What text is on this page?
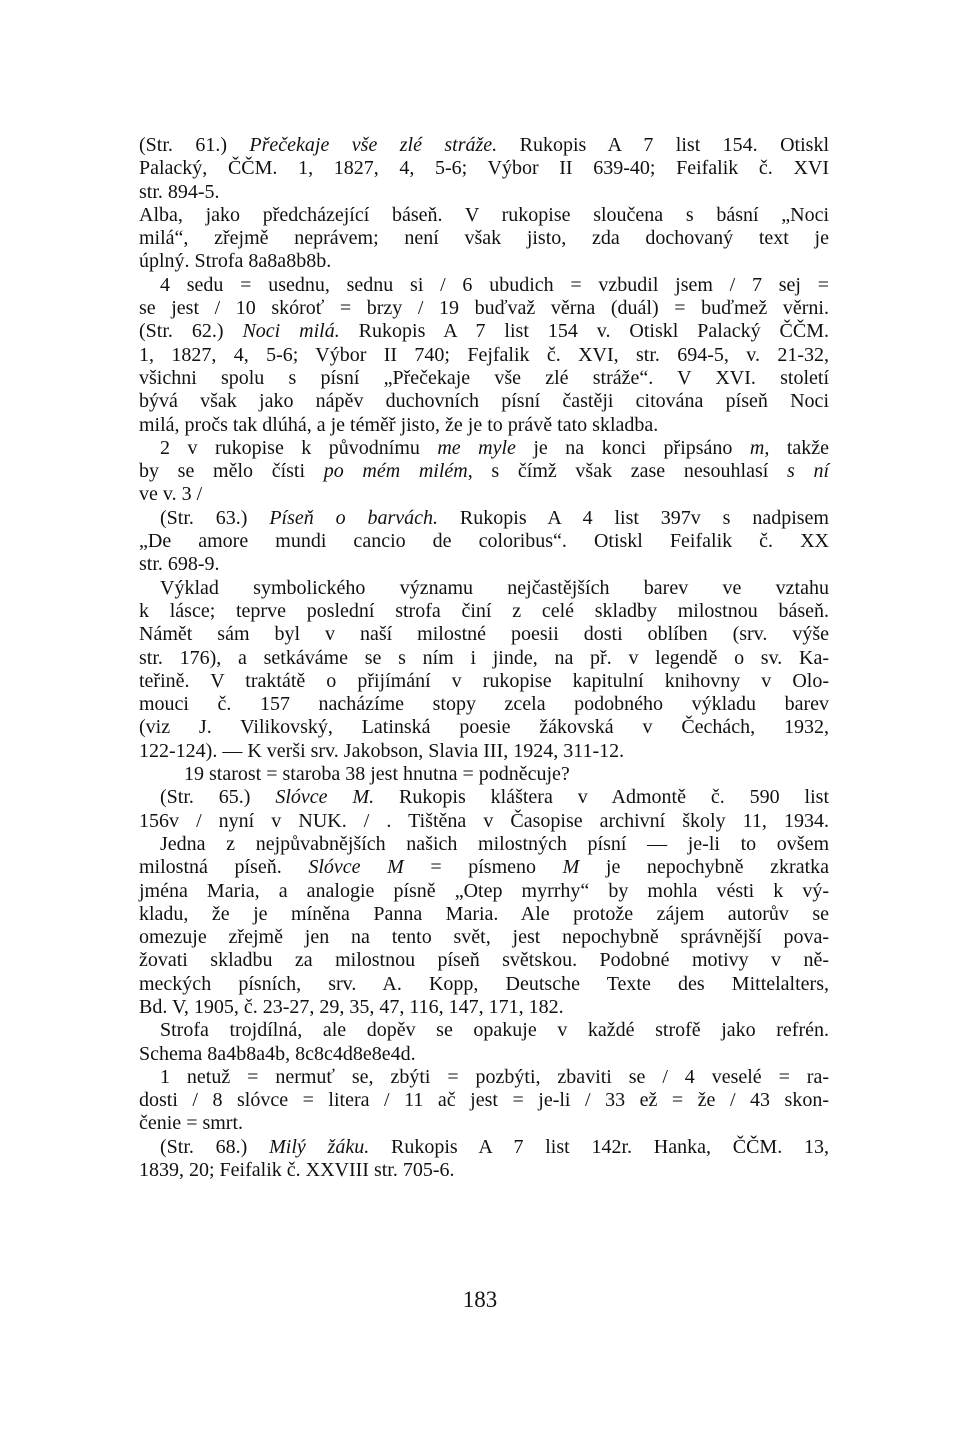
(Str. 61.) Přečekaje vše zlé stráže. Rukopis A 7 list 154. Otiskl
Palacký, ČČM. 1, 1827, 4, 5-6; Výbor II 639-40; Feifalik č. XVI
str. 894-5.
Alba, jako předcházející báseň. V rukopise sloučena s básní „Noci
milá“, zřejmě neprávem; není však jisto, zda dochovaný text je
úplný. Strofa 8a8a8b8b.
4 sedu = usednu, sednu si / 6 ubudich = vzbudil jsem / 7 sej =
se jest / 10 skóroť = brzy / 19 buďvaž věrna (duál) = buďmež věrni.
(Str. 62.) Noci milá. Rukopis A 7 list 154 v. Otiskl Palacký ČČM.
1, 1827, 4, 5-6; Výbor II 740; Fejfalik č. XVI, str. 694-5, v. 21-32,
všichni spolu s písní „Přečekaje vše zlé stráže“. V XVI. století
bývá však jako nápěv duchovních písní častěji citována píseň Noci
milá, pročs tak dlúhá, a je téměř jisto, že je to právě tato skladba.
2 v rukopise k původnímu me myle je na konci připsáno m, takže
by se mělo čísti po mém milém, s čímž však zase nesouhlasí s ní
ve v. 3 /
(Str. 63.) Píseň o barvách. Rukopis A 4 list 397v s nadpisem
„De amore mundi cancio de coloribus“. Otiskl Feifalik č. XX
str. 698-9.
Výklad symbolického významu nejčastějších barev ve vztahu
k lásce; teprve poslední strofa činí z celé skladby milostnou báseň.
Námět sám byl v naší milostné poesii dosti oblíben (srv. výše
str. 176), a setkáváme se s ním i jinde, na př. v legendě o sv. Ka-
teřině. V traktátě o přijímání v rukopise kapitulní knihovny v Olo-
mouci č. 157 nacházíme stopy zcela podobného výkladu barev
(viz J. Vilikovský, Latinská poesie žákovská v Čechách, 1932,
122-124). — K verši srv. Jakobson, Slavia III, 1924, 311-12.
19 starost = staroba 38 jest hnutna = podněcuje?
(Str. 65.) Slóvce M. Rukopis kláštera v Admontě č. 590 list
156v / nyní v NUK. / . Tištěna v Časopise archivní školy 11, 1934.
Jedna z nejpůvabnějších našich milostných písní — je-li to ovšem
milostná píseň. Slóvce M = písmeno M je nepochybně zkratka
jména Maria, a analogie písně „Otep myrrhy“ by mohla vésti k vý-
kladu, že je míněna Panna Maria. Ale protože zájem autorův se
omezuje zřejmě jen na tento svět, jest nepochybně správnější pova-
žovati skladbu za milostnou píseň světskou. Podobné motivy v ně-
meckých písních, srv. A. Kopp, Deutsche Texte des Mittelalters,
Bd. V, 1905, č. 23-27, 29, 35, 47, 116, 147, 171, 182.
Strofa trojdílná, ale dopěv se opakuje v každé strofě jako refrén.
Schema 8a4b8a4b, 8c8c4d8e8e4d.
1 netuž = nermuť se, zbýti = pozbýti, zbaviti se / 4 veselé = ra-
dosti / 8 slóvce = litera / 11 ač jest = je-li / 33 ež = že / 43 skon-
čenie = smrt.
(Str. 68.) Milý žáku. Rukopis A 7 list 142r. Hanka, ČČM. 13,
1839, 20; Feifalik č. XXVIII str. 705-6.
183
